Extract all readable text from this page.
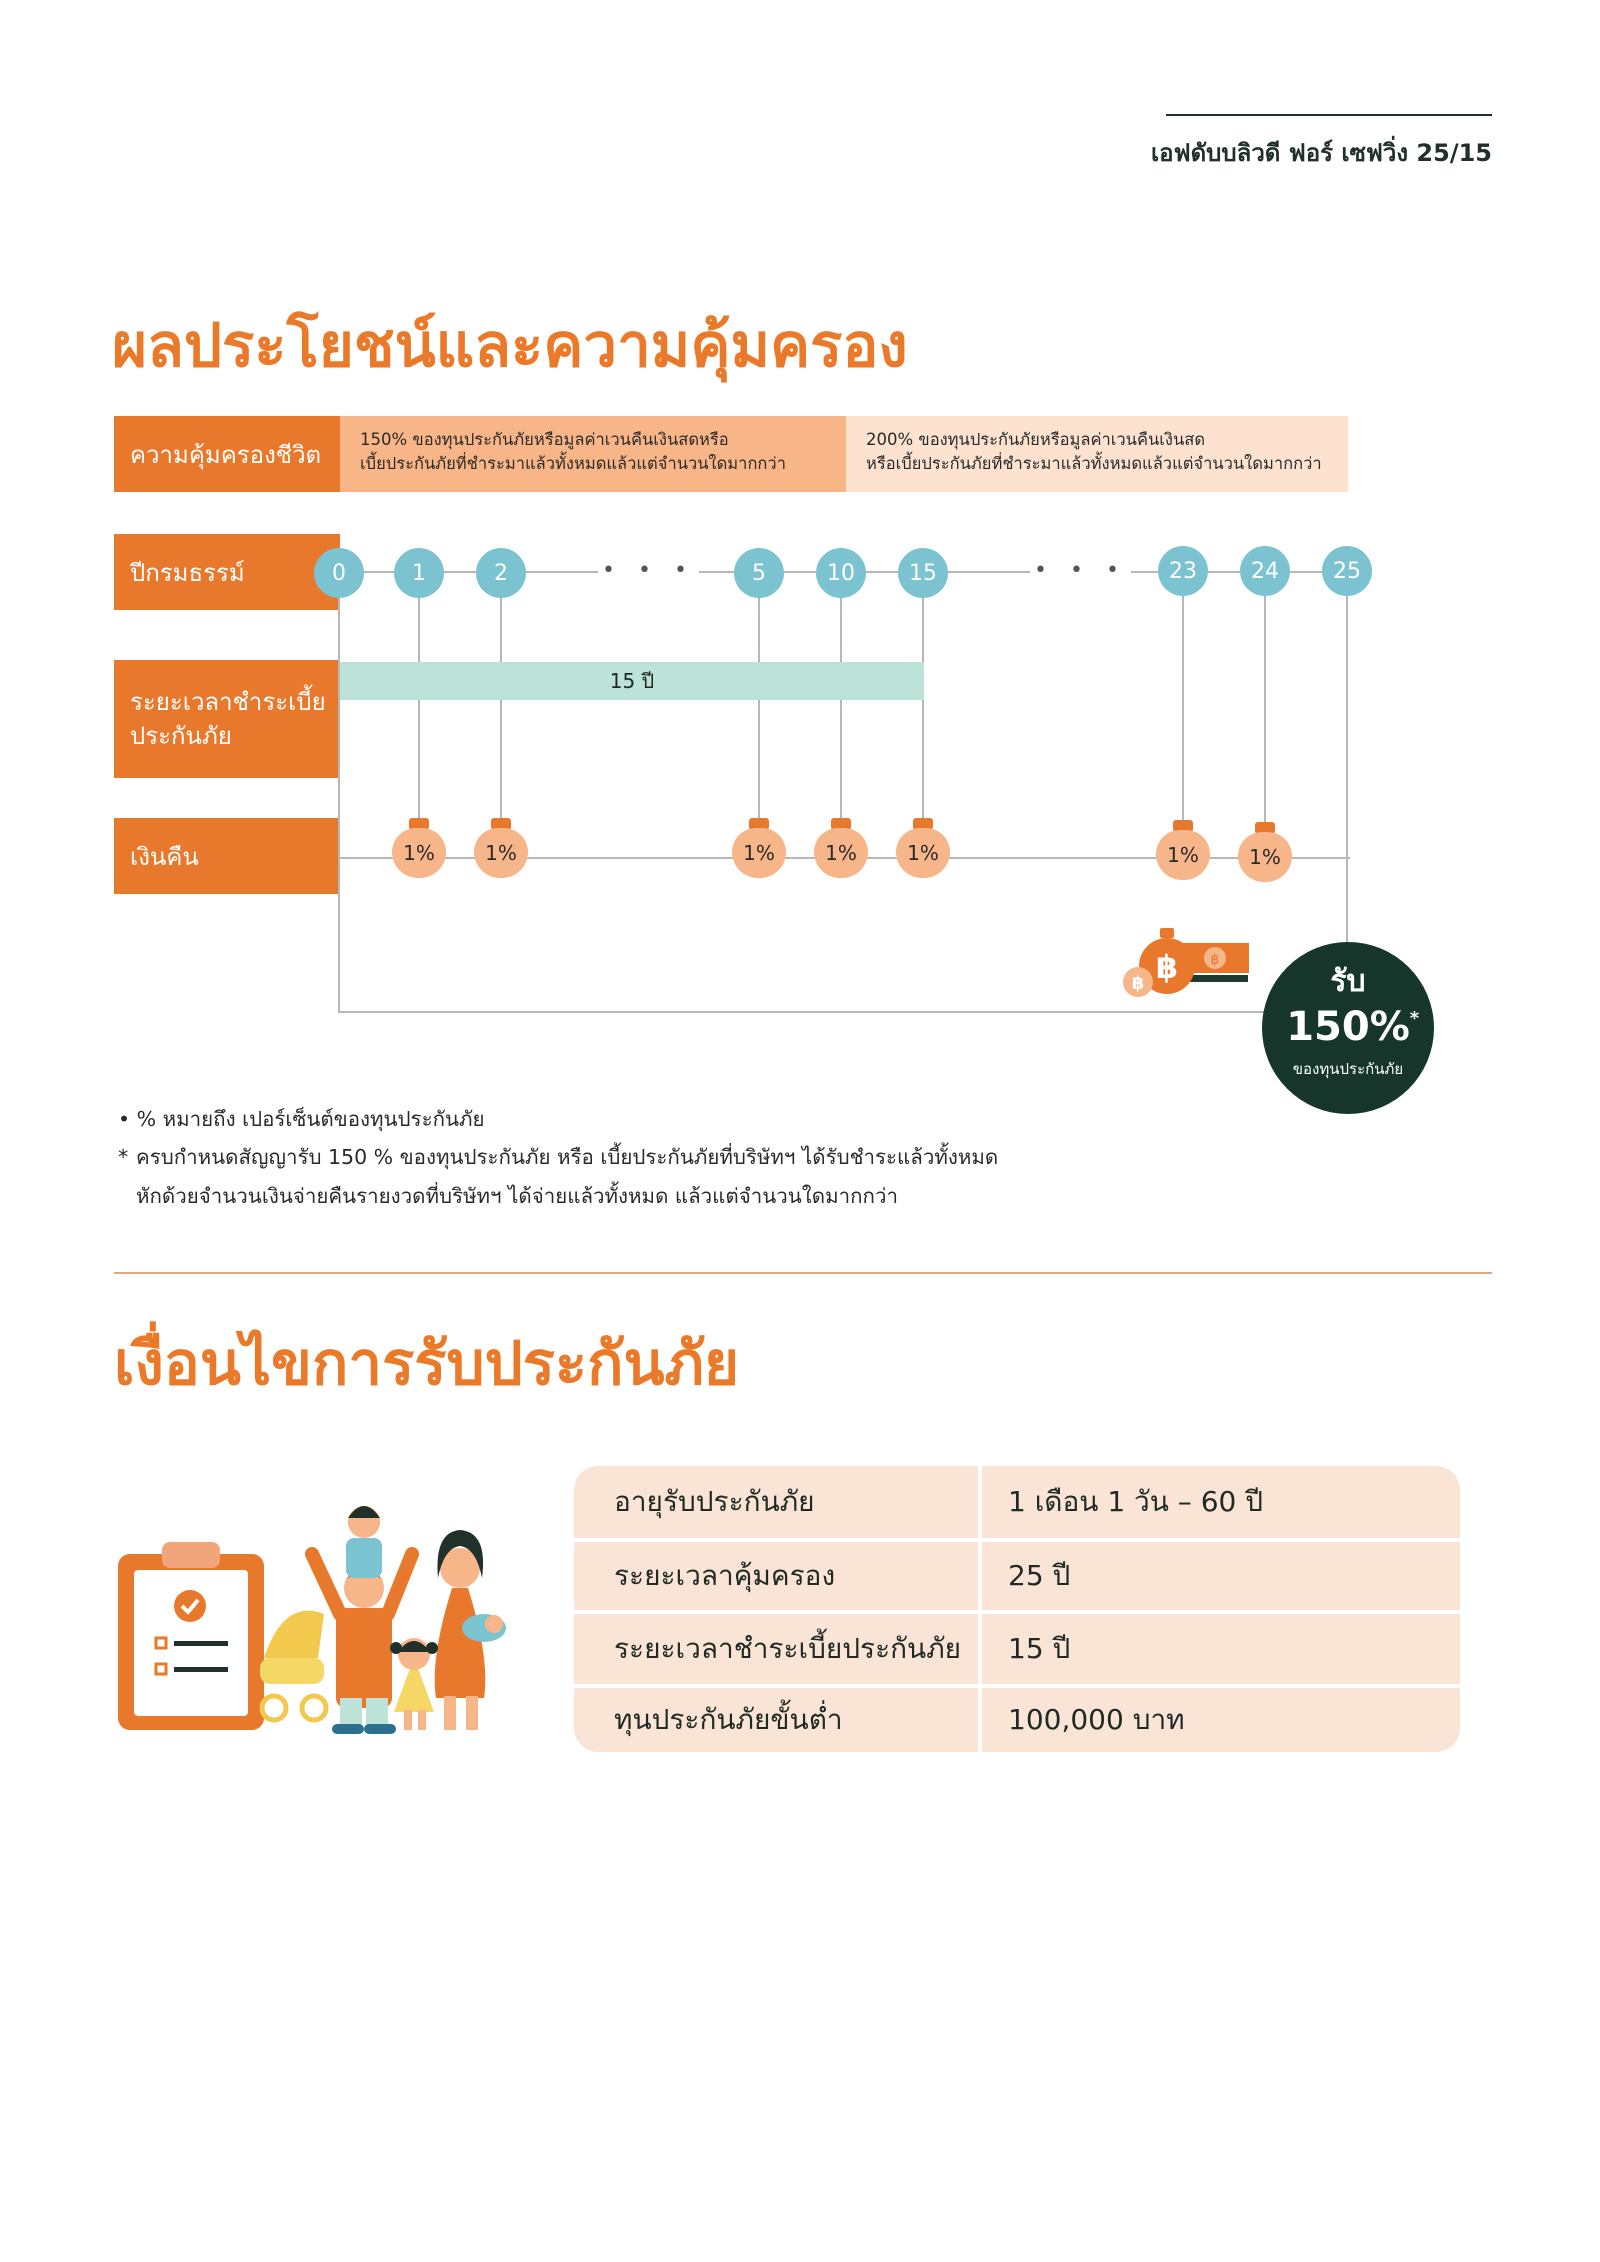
เอฟดับบลิวดี ฟอร์ เซฟวิ่ง 25/15
ผลประโยชน์และความคุ้มครอง
ความคุ้มครองชีวิต
150% ของทุนประกันภัยหรือมูลค่าเวนคืนเงินสดหรือ
เบี้ยประกันภัยที่ชำระมาแล้วทั้งหมดแล้วแต่จำนวนใดมากกว่า
200% ของทุนประกันภัยหรือมูลค่าเวนคืนเงินสด
หรือเบี้ยประกันภัยที่ชำระมาแล้วทั้งหมดแล้วแต่จำนวนใดมากกว่า
ปีกรมธรรม์
ระยะเวลาชำระเบี้ย
ประกันภัย
เงินคืน
15 ปี
0	1	2	• • •	5	10	15	• • •	23	24	25
1%	1%	1%	1%	1%	1%	1%
฿
฿
฿	รับ
150% *
ของทุนประกันภัย
• % หมายถึง เปอร์เซ็นต์ของทุนประกันภัย
* ครบกำหนดสัญญารับ 150 % ของทุนประกันภัย หรือ เบี้ยประกันภัยที่บริษัทฯ ได้รับชำระแล้วทั้งหมด
หักด้วยจำนวนเงินจ่ายคืนรายงวดที่บริษัทฯ ได้จ่ายแล้วทั้งหมด แล้วแต่จำนวนใดมากกว่า
เงื่อนไขการรับประกันภัย
อายุรับประกันภัย	1 เดือน 1 วัน – 60 ปี
ระยะเวลาคุ้มครอง	25 ปี
ระยะเวลาชำระเบี้ยประกันภัย	15 ปี
ทุนประกันภัยขั้นต่ำ	100,000 บาท
